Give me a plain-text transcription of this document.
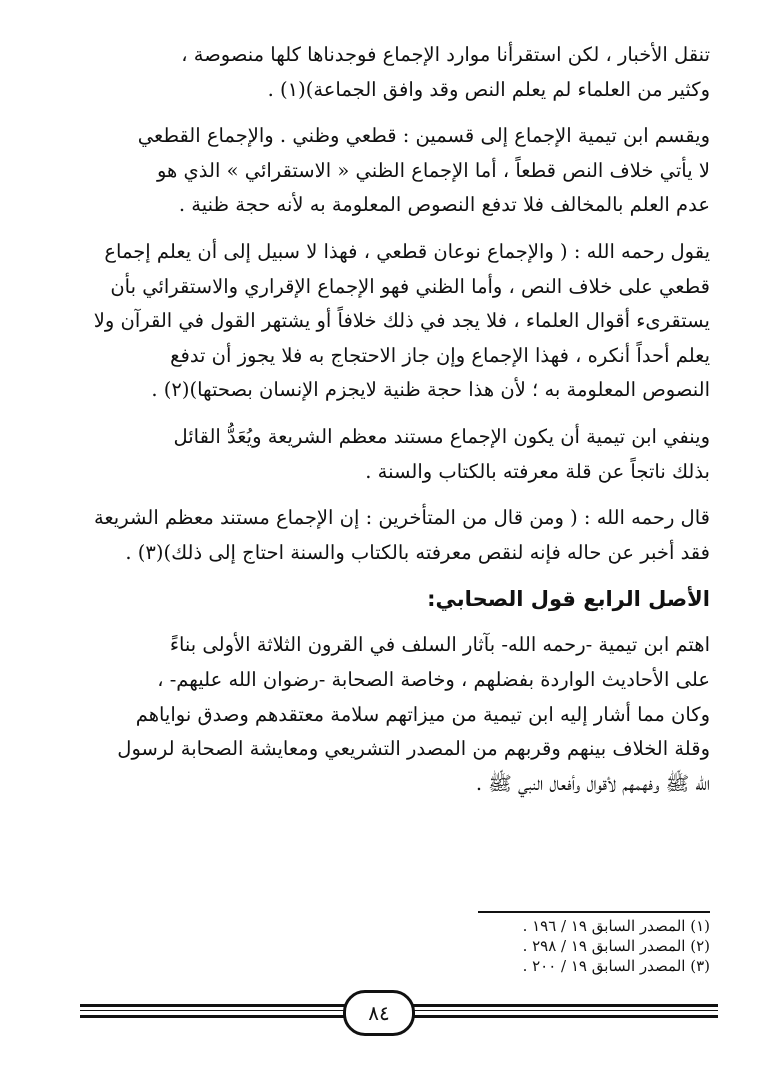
تنقل الأخبار ، لكن استقرأنا موارد الإجماع فوجدناها كلها منصوصة ،
وكثير من العلماء لم يعلم النص وقد وافق الجماعة)(١) .

ويقسم ابن تيمية الإجماع إلى قسمين : قطعي وظني . والإجماع القطعي
لا يأتي خلاف النص قطعاً ، أما الإجماع الظني « الاستقرائي » الذي هو
عدم العلم بالمخالف فلا تدفع النصوص المعلومة به لأنه حجة ظنية .

يقول رحمه الله : ( والإجماع نوعان قطعي ، فهذا لا سبيل إلى أن يعلم إجماع
قطعي على خلاف النص ، وأما الظني فهو الإجماع الإقراري والاستقرائي بأن
يستقرىء أقوال العلماء ، فلا يجد في ذلك خلافاً أو يشتهر القول في القرآن ولا
يعلم أحداً أنكره ، فهذا الإجماع وإن جاز الاحتجاج به فلا يجوز أن تدفع
النصوص المعلومة به ؛ لأن هذا حجة ظنية لايجزم الإنسان بصحتها)(٢) .

وينفي ابن تيمية أن يكون الإجماع مستند معظم الشريعة ويُعَدُّ القائل
بذلك ناتجاً عن قلة معرفته بالكتاب والسنة .

قال رحمه الله : ( ومن قال من المتأخرين : إن الإجماع مستند معظم الشريعة
فقد أخبر عن حاله فإنه لنقص معرفته بالكتاب والسنة احتاج إلى ذلك)(٣) .

الأصل الرابع قول الصحابي:

اهتم ابن تيمية -رحمه الله- بآثار السلف في القرون الثلاثة الأولى بناءً
على الأحاديث الواردة بفضلهم ، وخاصة الصحابة -رضوان الله عليهم- ،
وكان مما أشار إليه ابن تيمية من ميزاتهم سلامة معتقدهم وصدق نواياهم
وقلة الخلاف بينهم وقربهم من المصدر التشريعي ومعايشة الصحابة لرسول
الله ﷺ وفهمهم لأقوال وأفعال النبي ﷺ .

(١) المصدر السابق ١٩ / ١٩٦ .
(٢) المصدر السابق ١٩ / ٢٩٨ .
(٣) المصدر السابق ١٩ / ٢٠٠ .
٨٤
